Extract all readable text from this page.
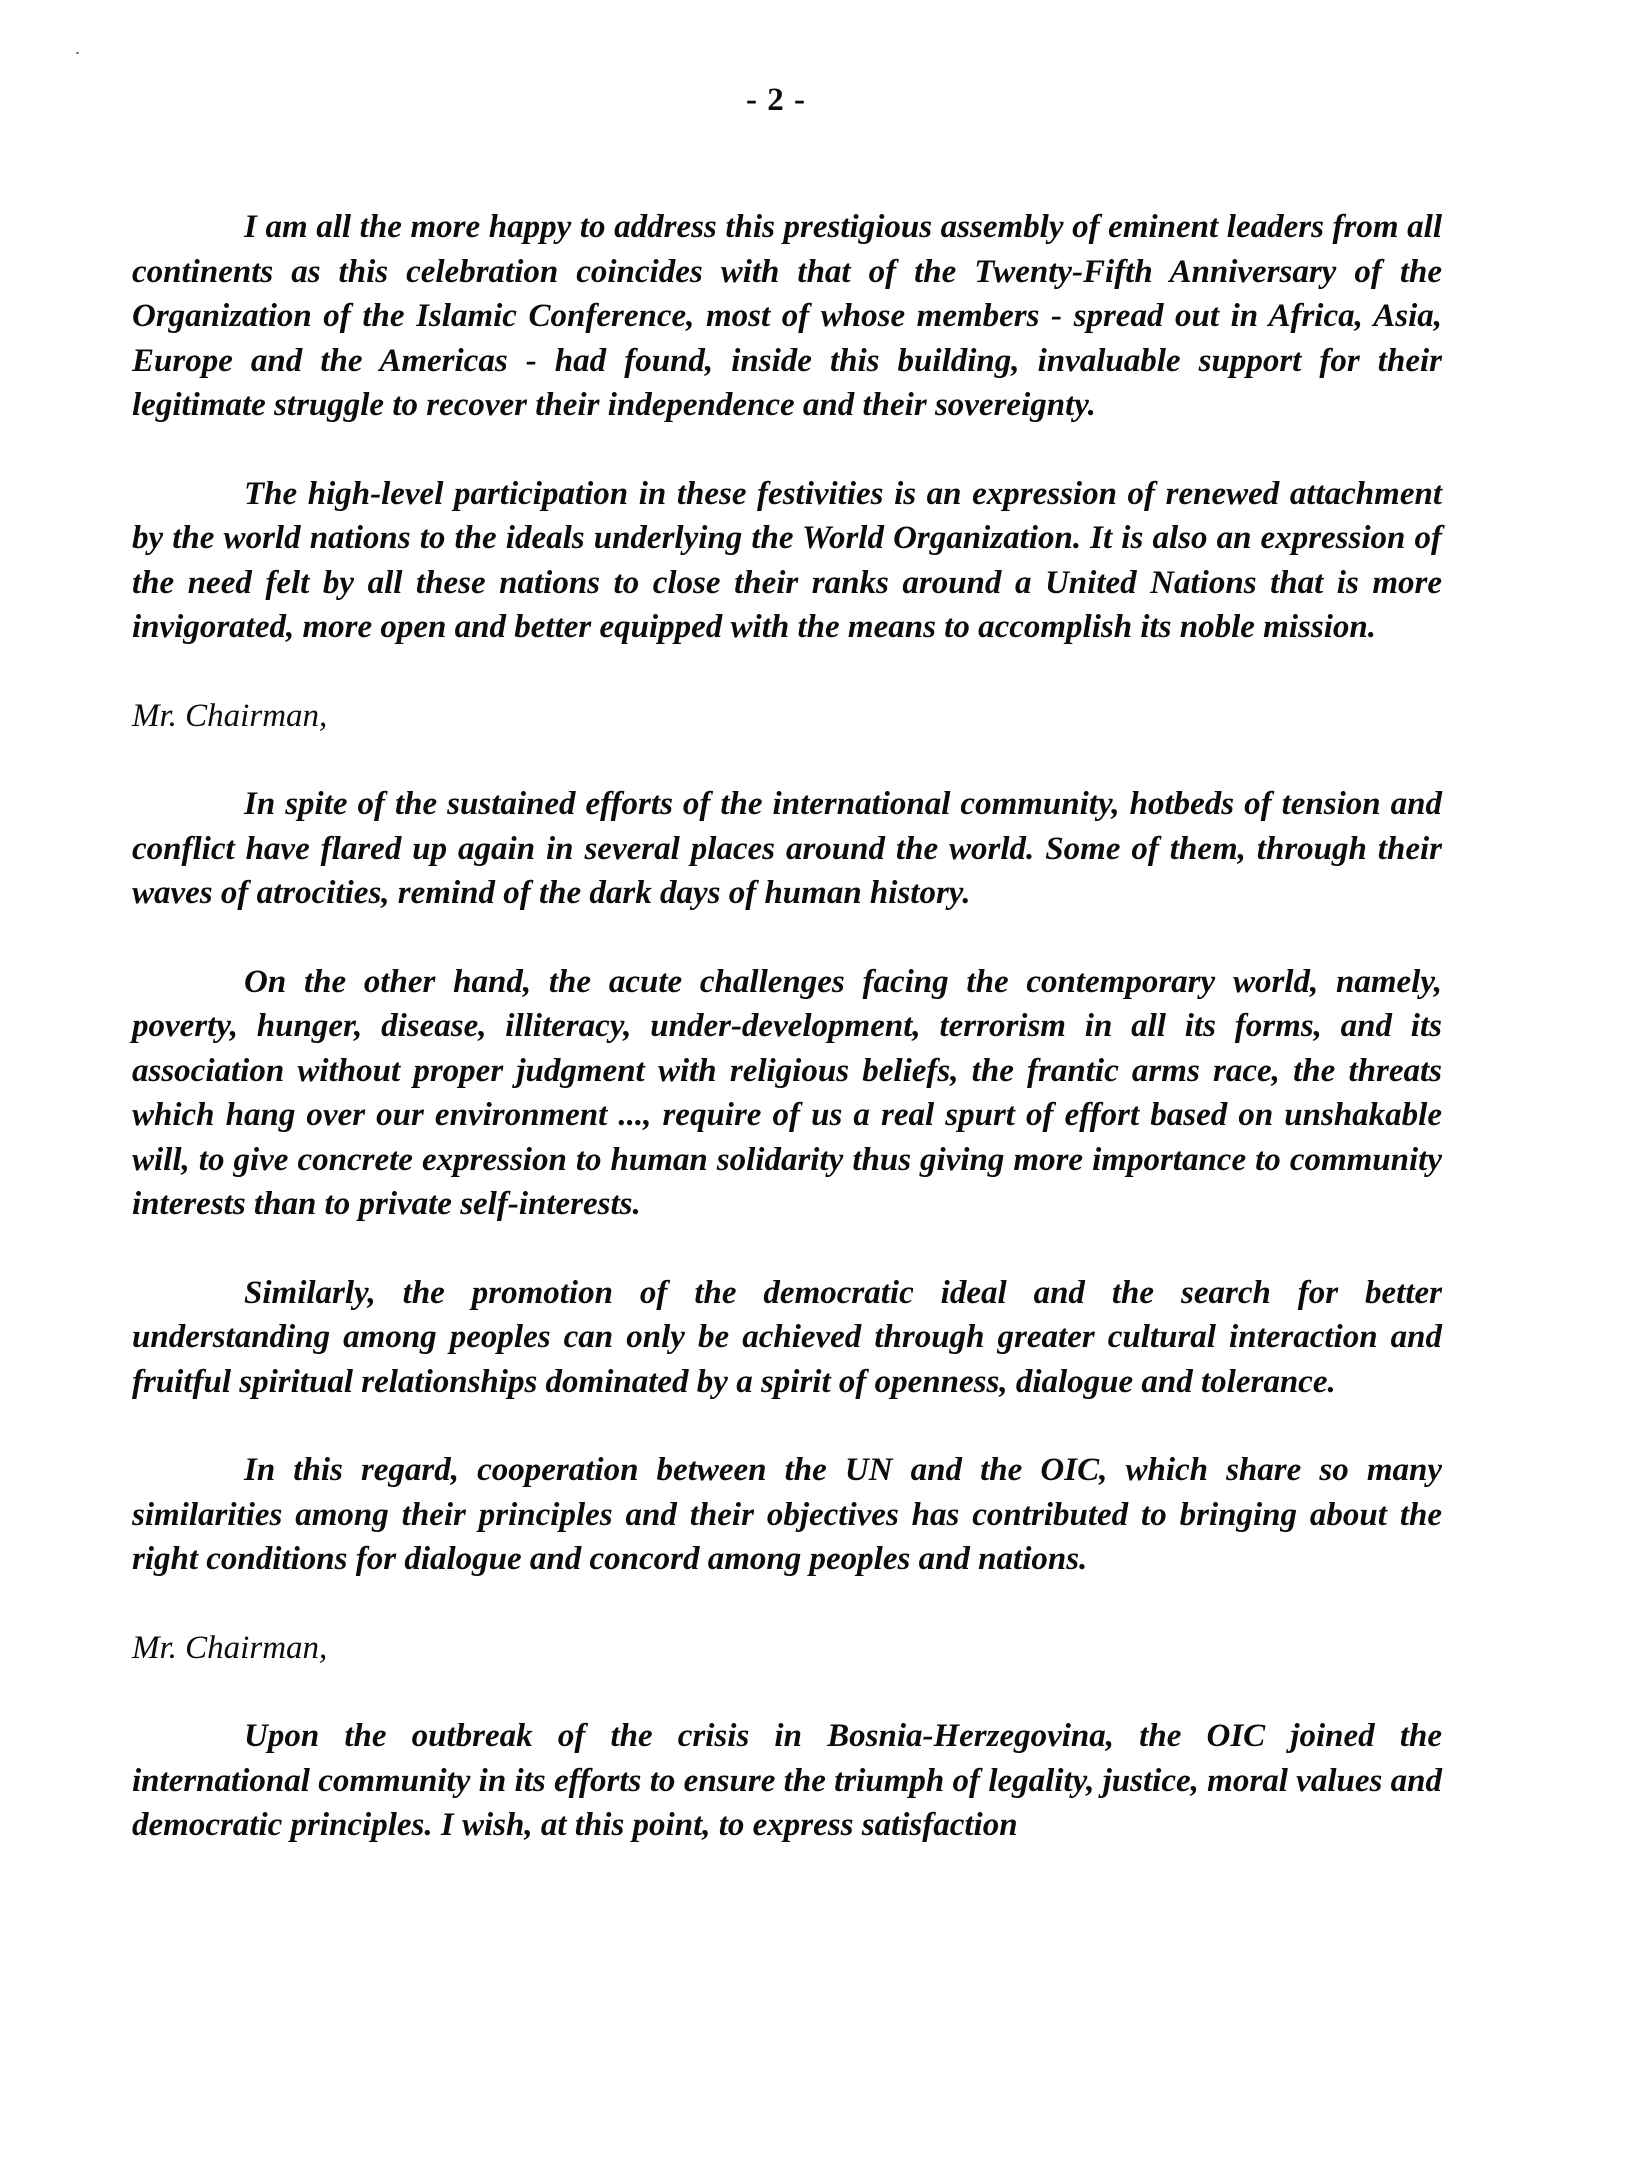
- 2 -

I am all the more happy to address this prestigious assembly of eminent leaders from all continents as this celebration coincides with that of the Twenty-Fifth Anniversary of the Organization of the Islamic Conference, most of whose members - spread out in Africa, Asia, Europe and the Americas - had found, inside this building, invaluable support for their legitimate struggle to recover their independence and their sovereignty.

The high-level participation in these festivities is an expression of renewed attachment by the world nations to the ideals underlying the World Organization. It is also an expression of the need felt by all these nations to close their ranks around a United Nations that is more invigorated, more open and better equipped with the means to accomplish its noble mission.

Mr. Chairman,

In spite of the sustained efforts of the international community, hotbeds of tension and conflict have flared up again in several places around the world. Some of them, through their waves of atrocities, remind of the dark days of human history.

On the other hand, the acute challenges facing the contemporary world, namely, poverty, hunger, disease, illiteracy, under-development, terrorism in all its forms, and its association without proper judgment with religious beliefs, the frantic arms race, the threats which hang over our environment ..., require of us a real spurt of effort based on unshakable will, to give concrete expression to human solidarity thus giving more importance to community interests than to private self-interests.

Similarly, the promotion of the democratic ideal and the search for better understanding among peoples can only be achieved through greater cultural interaction and fruitful spiritual relationships dominated by a spirit of openness, dialogue and tolerance.

In this regard, cooperation between the UN and the OIC, which share so many similarities among their principles and their objectives has contributed to bringing about the right conditions for dialogue and concord among peoples and nations.

Mr. Chairman,

Upon the outbreak of the crisis in Bosnia-Herzegovina, the OIC joined the international community in its efforts to ensure the triumph of legality, justice, moral values and democratic principles. I wish, at this point, to express satisfaction
